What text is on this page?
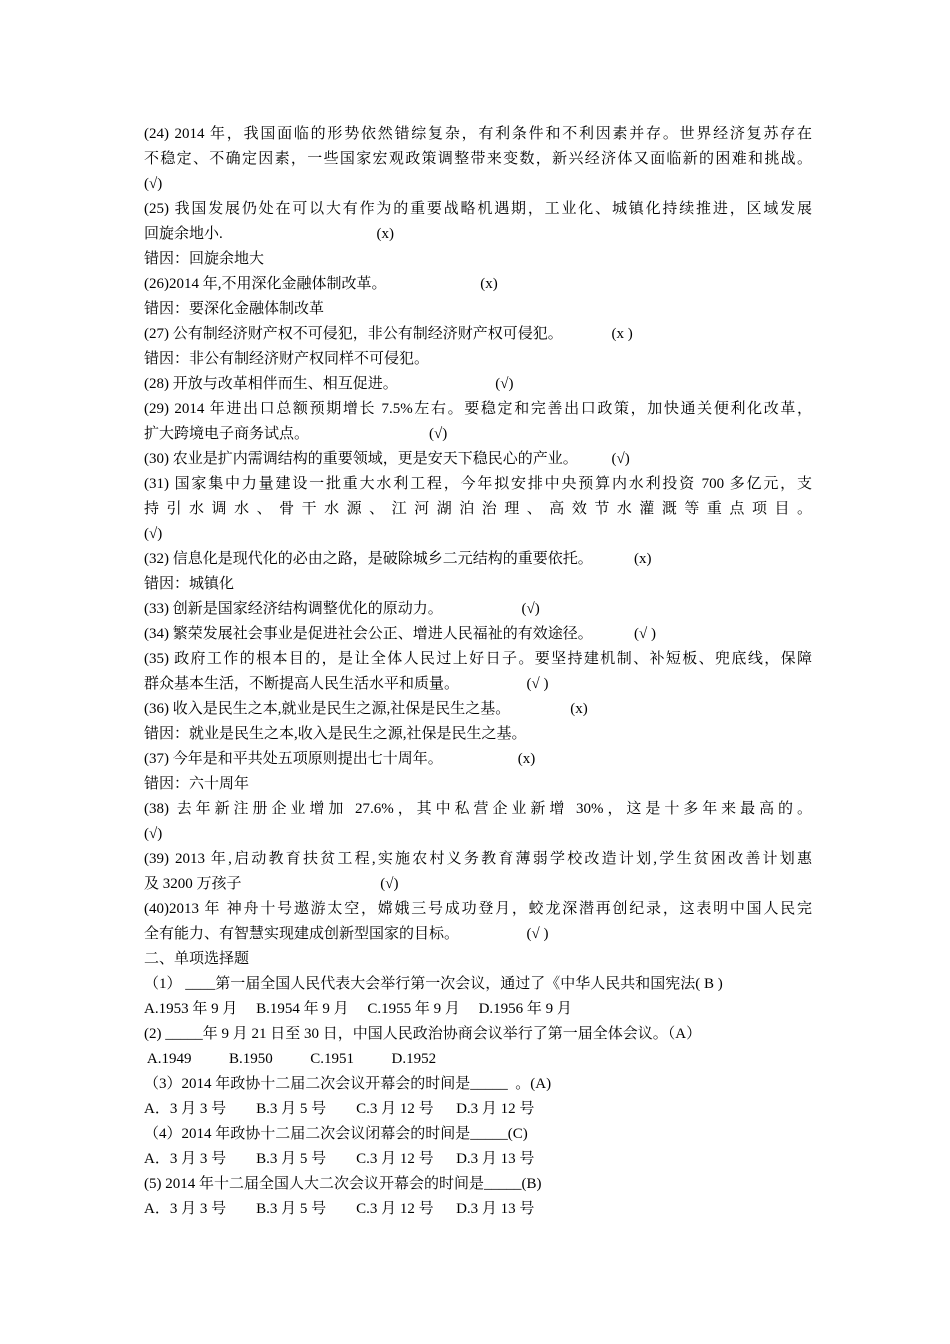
(24) 2014 年，我国面临的形势依然错综复杂，有利条件和不利因素并存。世界经济复苏存在
不稳定、不确定因素，一些国家宏观政策调整带来变数，新兴经济体又面临新的困难和挑战。
(√)
(25) 我国发展仍处在可以大有作为的重要战略机遇期，工业化、城镇化持续推进，区域发展
回旋余地小.                                         (x)
错因：回旋余地大
(26)2014 年,不用深化金融体制改革。                         (x)
错因：要深化金融体制改革
(27) 公有制经济财产权不可侵犯，非公有制经济财产权可侵犯。             (x )
错因：非公有制经济财产权同样不可侵犯。
(28) 开放与改革相伴而生、相互促进。                          (√)
(29) 2014 年进出口总额预期增长 7.5%左右。要稳定和完善出口政策，加快通关便利化改革，
扩大跨境电子商务试点。                                (√)
(30) 农业是扩内需调结构的重要领域，更是安天下稳民心的产业。         (√)
(31) 国家集中力量建设一批重大水利工程，今年拟安排中央预算内水利投资 700 多亿元，支
持 引 水 调 水 、 骨 干 水 源 、 江 河 湖 泊 治 理 、 高 效 节 水 灌 溉 等 重 点 项 目 。
(√)
(32) 信息化是现代化的必由之路，是破除城乡二元结构的重要依托。           (x)
错因：城镇化
(33) 创新是国家经济结构调整优化的原动力。                     (√)
(34) 繁荣发展社会事业是促进社会公正、增进人民福祉的有效途径。           (√ )
(35) 政府工作的根本目的，是让全体人民过上好日子。要坚持建机制、补短板、兜底线，保障
群众基本生活，不断提高人民生活水平和质量。                  (√ )
(36) 收入是民生之本,就业是民生之源,社保是民生之基。                (x)
错因：就业是民生之本,收入是民生之源,社保是民生之基。
(37) 今年是和平共处五项原则提出七十周年。                    (x)
错因：六十周年
(38) 去年新注册企业增加 27.6%，其中私营企业新增 30%，这是十多年来最高的。
(√)
(39) 2013 年,启动教育扶贫工程,实施农村义务教育薄弱学校改造计划,学生贫困改善计划惠
及 3200 万孩子                                     (√)
(40)2013 年 神舟十号遨游太空，嫦娥三号成功登月，蛟龙深潜再创纪录，这表明中国人民完
全有能力、有智慧实现建成创新型国家的目标。                  (√ )
二、单项选择题
（1） ____第一届全国人民代表大会举行第一次会议，通过了《中华人民共和国宪法( B )
A.1953 年 9 月     B.1954 年 9 月     C.1955 年 9 月     D.1956 年 9 月
(2) _____年 9 月 21 日至 30 日，中国人民政治协商会议举行了第一届全体会议。（A）
A.1949          B.1950          C.1951          D.1952
（3）2014 年政协十二届二次会议开幕会的时间是_____  。(A)
A．3 月 3 号        B.3 月 5 号        C.3 月 12 号      D.3 月 12 号
（4）2014 年政协十二届二次会议闭幕会的时间是_____(C)
A．3 月 3 号        B.3 月 5 号        C.3 月 12 号      D.3 月 13 号
(5) 2014 年十二届全国人大二次会议开幕会的时间是_____(B)
A．3 月 3 号        B.3 月 5 号        C.3 月 12 号      D.3 月 13 号
